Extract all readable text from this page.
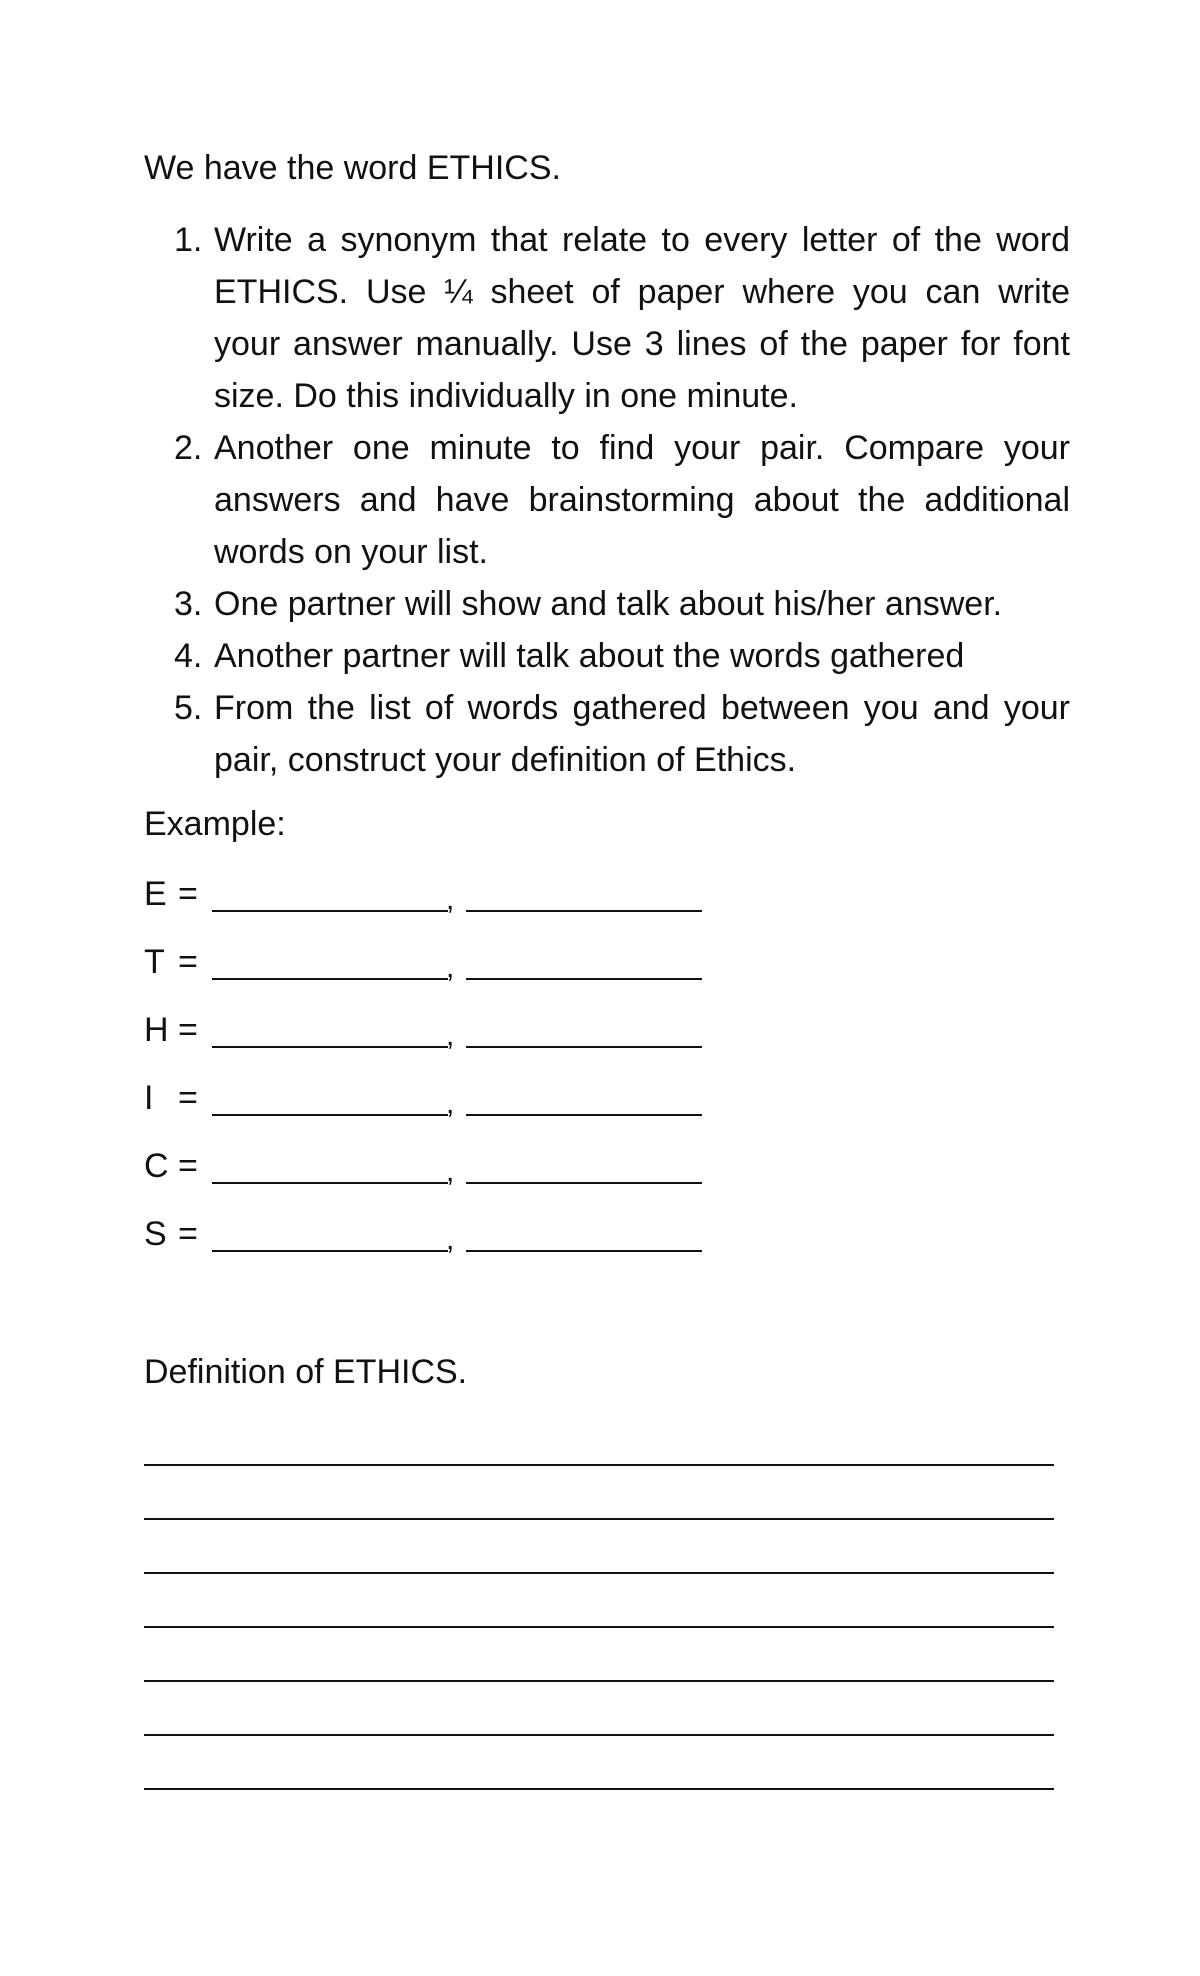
We have the word ETHICS.

1. Write a synonym that relate to every letter of the word ETHICS. Use ¼ sheet of paper where you can write your answer manually. Use 3 lines of the paper for font size. Do this individually in one minute.
2. Another one minute to find your pair. Compare your answers and have brainstorming about the additional words on your list.
3. One partner will show and talk about his/her answer.
4. Another partner will talk about the words gathered
5. From the list of words gathered between you and your pair, construct your definition of Ethics.
Example:
E =	,
T =	,
H =	,
I =	,
C =	,
S =	,
Definition of ETHICS.
